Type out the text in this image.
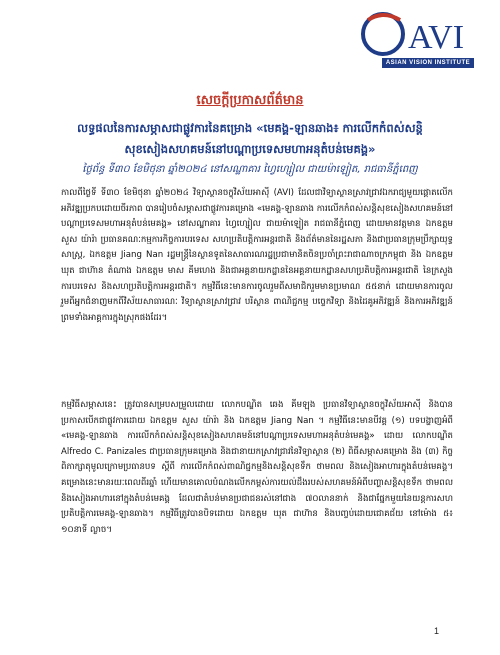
AVI
ASIAN VISION INSTITUTE
សេចក្តីប្រកាសព័ត៌មាន
លទ្ធផលនៃការសម្ភាសជាផ្លូវការនៃគម្រោង «មេគង្គ-ឡានឆាង៖ ការលើកកំពស់សន្តិសុខសៀងសហគមន៍នៅបណ្តាប្រទេសមហាអនុតំបន់មេគង្គ»
ថ្ងៃព័ន្ធ ទី៣០ ខែមិថុនា ឆ្នាំ២០២៤ នៅសណ្ឋាគារ ហ្វៃហ្សៀល ជាយម៉ាឡៀត, រាជធានីភ្នំពេញ

កាលពីថ្ងៃទី ទី៣០ ខែមិថុនា ឆ្នាំ២០២៤ វិទ្យាស្ថានចក្ខុវិស័យអាស៊ី (AVI) ដែលជាវិទ្យាស្ថានស្រាវជ្រាវឯករាជ្យមួយផ្តោតលើកអភិវឌ្ឍប្រកបដោយចីរភាព បានរៀបចំសម្ភាសជាផ្លូវការគម្រោង «មេគង្គ-ឡានឆាង ការលើកកំពស់សន្តិសុខសៀងសហគមន៍នៅបណ្តាប្រទេសមហាអនុតំបន់មេគង្គ» នៅសណ្ឋាគារ ហ្វៃហ្សៀល ជាយម៉ាឡៀត រាជធានីភ្នំពេញ ដោយមានវត្តមាន ឯកឧត្តម សួស យ៉ារ៉ា ប្រធានគណៈកម្មការកិច្ចការបរទេស សហប្រតិបត្តិការអន្តរជាតិ និងព័ត៌មាននៃរដ្ឋសភា និងជាប្រធានក្រុមប្រឹក្សាយុទ្ធសាស្ត្រ, ឯកឧត្តម Jiang Nan រដ្ឋមន្ត្រីនៃស្ថានទូតនៃសាធារណរដ្ឋប្រជាមានិតចិនប្រចាំព្រះរាជាណាចក្រកម្ពុជា និង ឯកឧត្តម ឃុត ជាហ៊ាន តំណាង ឯកឧត្តម មាស គីមហេង និងជាអគ្គនាយកដ្ឋាននៃអគ្គនាយកដ្ឋានសហប្រតិបត្តិការអន្តរជាតិ នៃក្រសួងការបរទេស និងសហប្រតិបត្តិការអន្តរជាតិ។ កម្មវិធីនេះមានការចូលរួមពីសមាជិករួមមានប្រមាណ ៥៥នាក់ ដោយមានការចូលរួមពីអ្នកជំនាញមកពីវិស័យសាធារណៈ វិទ្យាស្ថានស្រាវជ្រាវ បរិស្ថាន ពាណិជ្ជកម្ម បច្ចេកវិទ្យា និងដៃគូអភិវឌ្ឍន៍ និងការអភិវឌ្ឍន៍ ព្រមទាំងអាគ្គការក្នុងស្រុកផងដែរ។

កម្មវិធីសម្ភាសនេះ ត្រូវបានសម្របសម្រួលដោយ លោកបណ្ឌិត ឆេង គីមឡុង ប្រធានវិទ្យាស្ថានចក្ខុវិស័យអាស៊ី និងបានប្រកាសបើកជាផ្លូវការដោយ ឯកឧត្តម សួស យ៉ារ៉ា និង ឯកឧត្តម Jiang Nan ។ កម្មវិធីនេះមានបីវគ្គ (១) បទបង្ហាញអំពី «មេគង្គ-ឡានឆាង ការលើកកំពស់សន្តិសុខសៀងសហគមន៍នៅបណ្តាប្រទេសមហាអនុតំបន់មេគង្គ» ដោយ លោកបណ្ឌិត Alfredo C. Panizales ជាប្រធានក្រុមគម្រោង និងជានាយកស្រាវជ្រាវនៃវិទ្យាស្ថាន (២) ពិធីសម្ភាសគម្រោង និង (៣) កិច្ចពិភាក្សាតុមូលក្រោមប្រធានបទ ស្តីពី ការលើកកំពស់ពាណិជ្ជកម្មនិងសន្តិសុខទឹក ថាមពល និងសៀងអាហារក្នុងតំបន់មេគង្គ។ គម្រោងនេះមានរយៈពេលពីរឆ្នាំ ហើយមានគោលបំណងលើកកម្ពស់ការយល់ដឹងរបស់សហគមន៍អំពីបញ្ហាសន្តិសុខទឹក ថាមពល និងសៀងអាហារនៅក្នុងតំបន់មេគង្គ ដែលជាតំបន់មានប្រជាជនរស់នៅជាង ៧០លាននាក់ និងជាផ្នែកមួយនៃយន្តការសហប្រតិបត្តិការមេគង្គ-ឡានឆាង។ កម្មវិធីត្រូវបានបិទដោយ ឯកឧត្តម ឃុត ជាហ៊ាន និងបញ្ចប់ដោយជោគជ័យ នៅម៉ោង ៥៖១០នាទី ល្ងាច។

1
